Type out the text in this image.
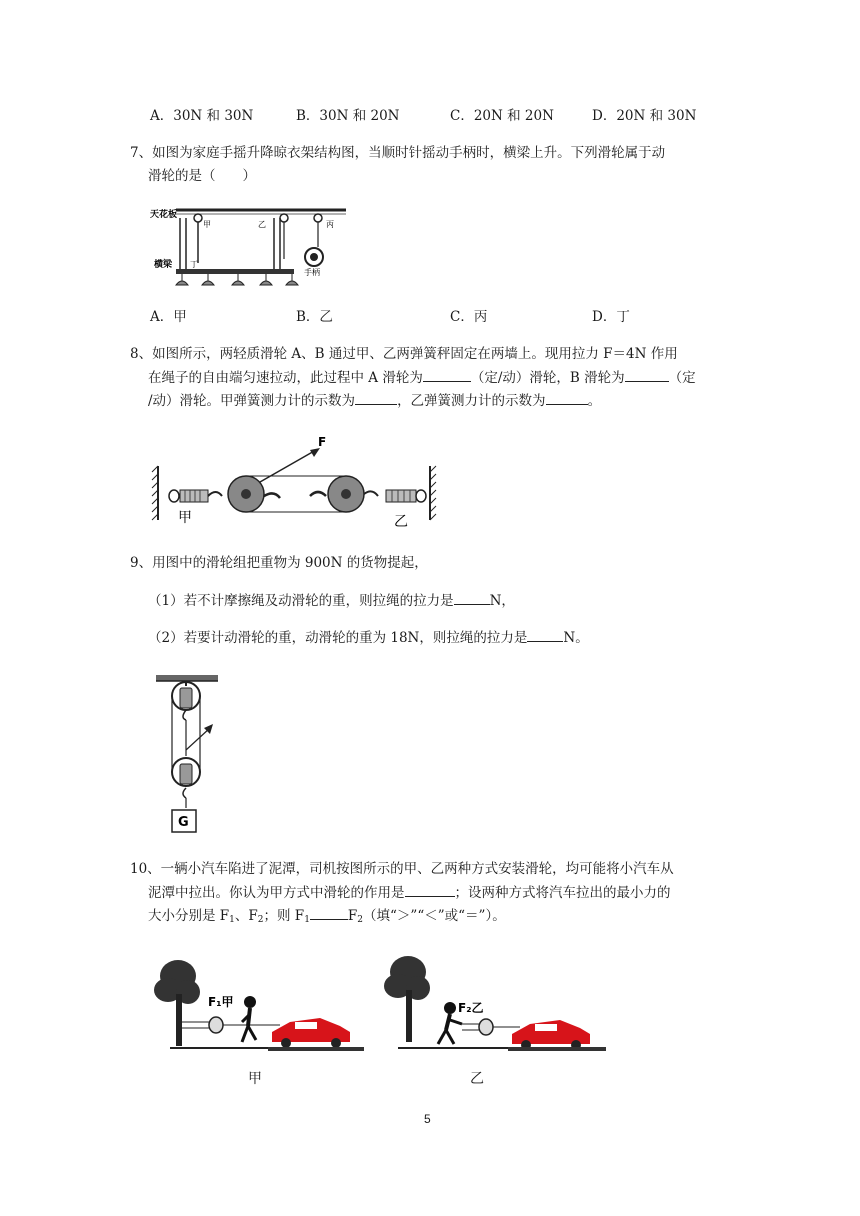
A．30N 和 30N	B．30N 和 20N	C．20N 和 20N	D．20N 和 30N
7、如图为家庭手摇升降晾衣架结构图，当顺时针摇动手柄时，横梁上升。下列滑轮属于动
滑轮的是（　　）
天花板
甲	乙	丙
手柄
横梁 丁
A．甲	B．乙	C．丙	D．丁
8、如图所示，两轻质滑轮 A、B 通过甲、乙两弹簧秤固定在两墙上。现用拉力 F＝4N 作用
在绳子的自由端匀速拉动，此过程中 A 滑轮为	（定/动）滑轮，B 滑轮为	（定
/动）滑轮。甲弹簧测力计的示数为	，乙弹簧测力计的示数为	。
F
甲	乙
9、用图中的滑轮组把重物为 900N 的货物提起，
（1）若不计摩擦绳及动滑轮的重，则拉绳的拉力是	N，
（2）若要计动滑轮的重，动滑轮的重为 18N，则拉绳的拉力是	N。
G
10、一辆小汽车陷进了泥潭，司机按图所示的甲、乙两种方式安装滑轮，均可能将小汽车从
泥潭中拉出。你认为甲方式中滑轮的作用是	；设两种方式将汽车拉出的最小力的
大小分别是 $F_1$、$F_2$；则 $F_1$	$F_2$（填“＞”“＜”或“＝”）。
F₁甲	F₂乙
甲	乙
5
